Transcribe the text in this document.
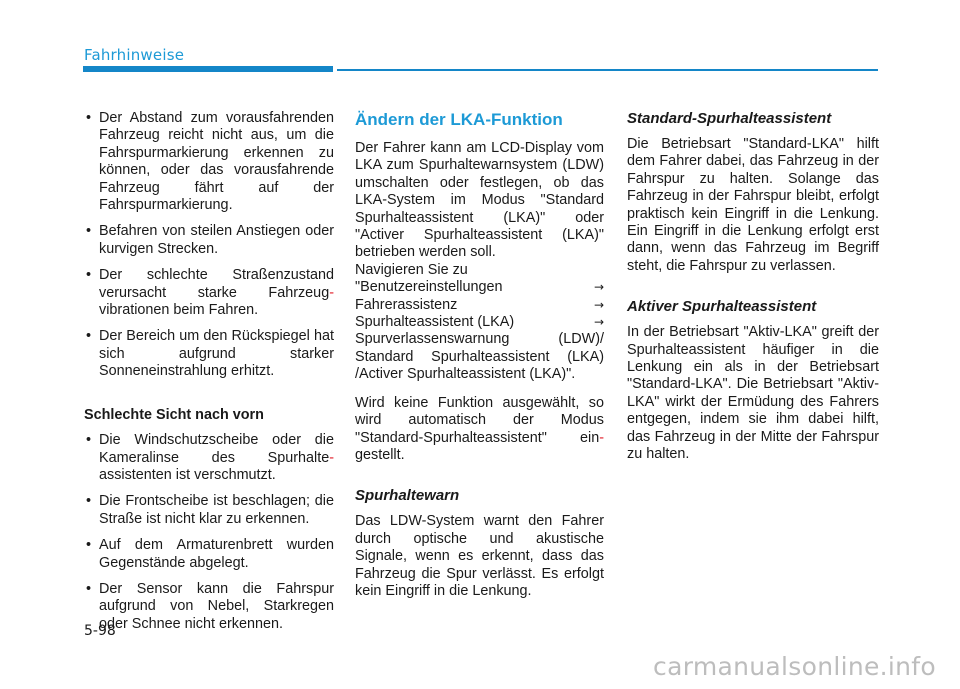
Fahrhinweise
• Der Abstand zum vorausfahrenden Fahrzeug reicht nicht aus, um die Fahrspurmarkierung erkennen zu können, oder das vorausfahrende Fahrzeug fährt auf der Fahrspurmarkierung.
• Befahren von steilen Anstiegen oder kurvigen Strecken.
• Der schlechte Straßenzustand verursacht starke Fahrzeug- vibrationen beim Fahren.
• Der Bereich um den Rückspiegel hat sich aufgrund starker Sonneneinstrahlung erhitzt.
Schlechte Sicht nach vorn
• Die Windschutzscheibe oder die Kameralinse des Spurhalte- assistenten ist verschmutzt.
• Die Frontscheibe ist beschlagen; die Straße ist nicht klar zu erkennen.
• Auf dem Armaturenbrett wurden Gegenstände abgelegt.
• Der Sensor kann die Fahrspur aufgrund von Nebel, Starkregen oder Schnee nicht erkennen.
Ändern der LKA-Funktion

Der Fahrer kann am LCD-Display vom LKA zum Spurhaltewarnsystem (LDW) umschalten oder festlegen, ob das LKA-System im Modus "Standard Spurhalteassistent (LKA)" oder "Activer Spurhalteassistent (LKA)" betrieben werden soll.

Navigieren Sie zu
"Benutzereinstellungen	→
Fahrerassistenz	→
Spurhalteassistent (LKA)	→

Spurverlassenswarnung (LDW)/ Standard Spurhalteassistent (LKA) /Activer Spurhalteassistent (LKA)".

Wird keine Funktion ausgewählt, so wird automatisch der Modus "Standard-Spurhalteassistent" ein- gestellt.

Spurhaltewarn

Das LDW-System warnt den Fahrer durch optische und akustische Signale, wenn es erkennt, dass das Fahrzeug die Spur verlässt. Es erfolgt kein Eingriff in die Lenkung.

Standard-Spurhalteassistent

Die Betriebsart "Standard-LKA" hilft dem Fahrer dabei, das Fahrzeug in der Fahrspur zu halten. Solange das Fahrzeug in der Fahrspur bleibt, erfolgt praktisch kein Eingriff in die Lenkung. Ein Eingriff in die Lenkung erfolgt erst dann, wenn das Fahrzeug im Begriff steht, die Fahrspur zu verlassen.

Aktiver Spurhalteassistent

In der Betriebsart "Aktiv-LKA" greift der Spurhalteassistent häufiger in die Lenkung ein als in der Betriebsart "Standard-LKA". Die Betriebsart "Aktiv-LKA" wirkt der Ermüdung des Fahrers entgegen, indem sie ihm dabei hilft, das Fahrzeug in der Mitte der Fahrspur zu halten.

5-98
carmanualsonline.info
